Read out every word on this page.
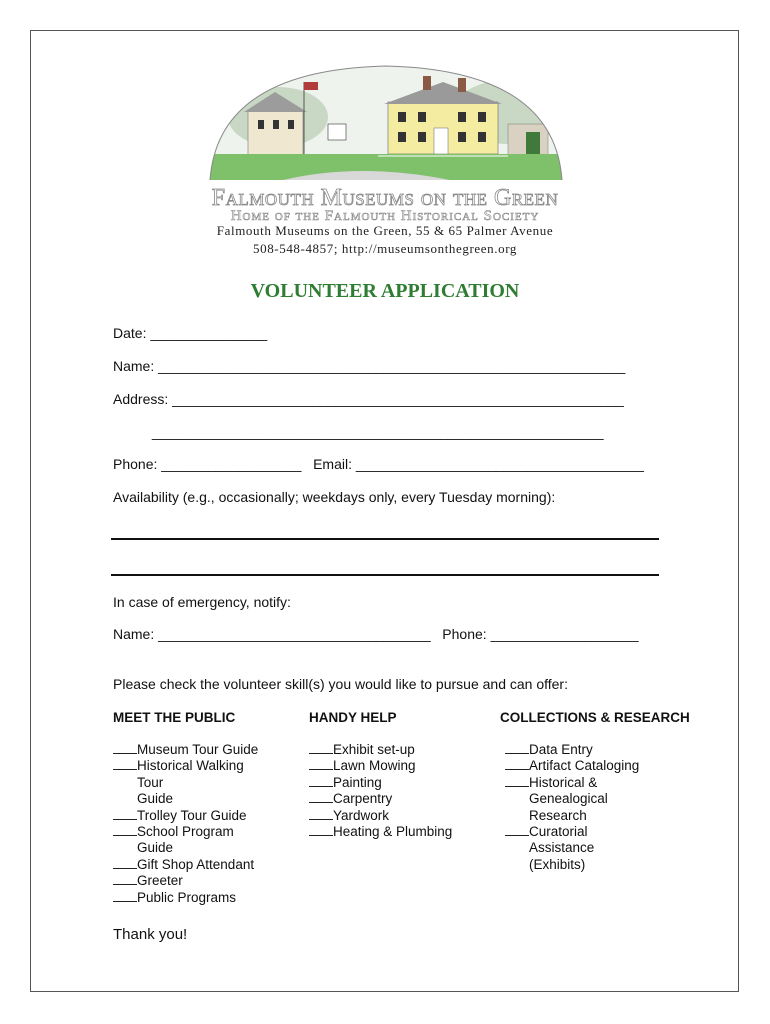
Falmouth Museums on the Green
Home of the Falmouth Historical Society
Falmouth Museums on the Green, 55 & 65 Palmer Avenue
508-548-4857; http://museumsonthegreen.org
VOLUNTEER APPLICATION
Date: _______________
Name: ____________________________________________________________
Address: __________________________________________________________
__________________________________________________________
Phone: __________________   Email: _____________________________________
Availability (e.g., occasionally; weekdays only, every Tuesday morning):
In case of emergency, notify:
Name: ___________________________________   Phone: ___________________
Please check the volunteer skill(s) you would like to pursue and can offer:
MEET THE PUBLIC	HANDY HELP	COLLECTIONS & RESEARCH
Museum Tour Guide
Historical Walking
Tour
Guide
Trolley Tour Guide
School Program
Guide
Gift Shop Attendant
Greeter
Public Programs
Exhibit set-up
Lawn Mowing
Painting
Carpentry
Yardwork
Heating & Plumbing
Data Entry
Artifact Cataloging
Historical &
Genealogical
Research
Curatorial
Assistance
(Exhibits)
Thank you!
